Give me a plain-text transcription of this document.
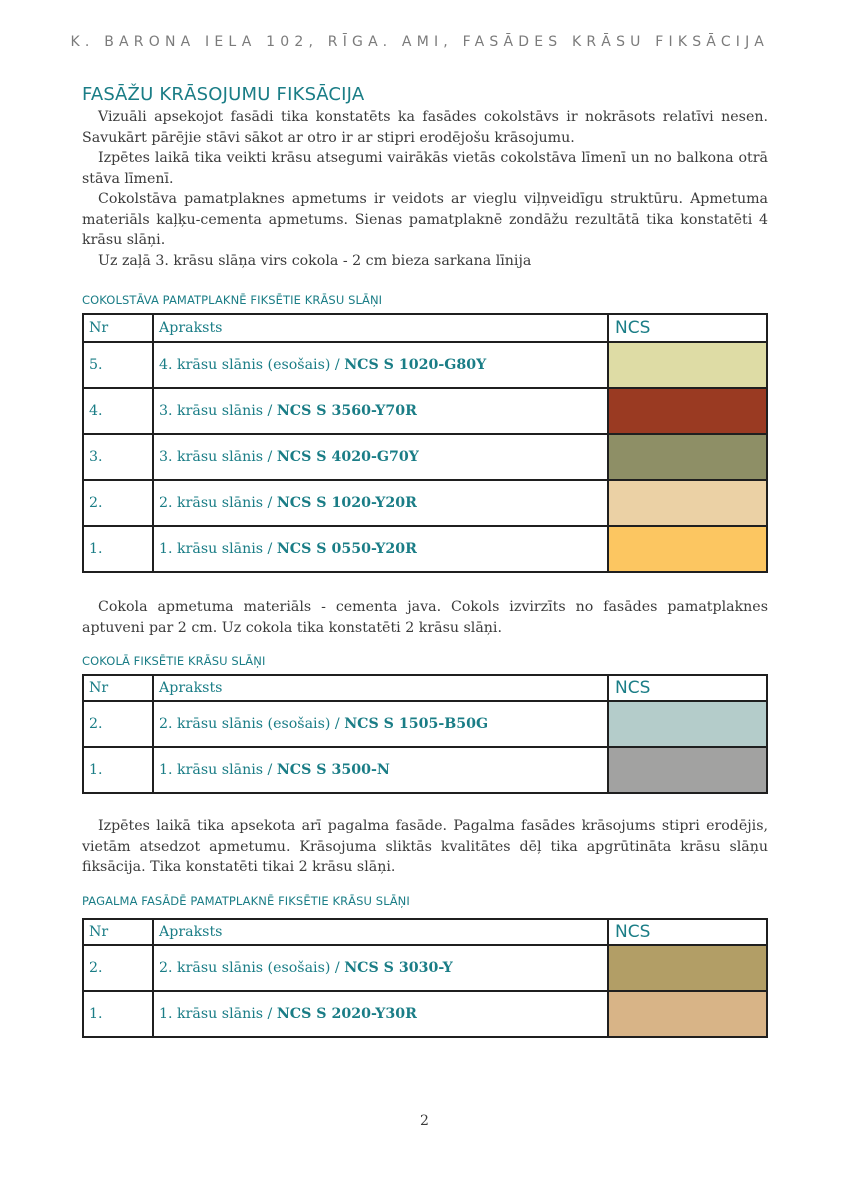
K. BARONA IELA 102, RĪGA. AMI, FASĀDES KRĀSU FIKSĀCIJA
FASĀŽU KRĀSOJUMU FIKSĀCIJA

Vizuāli apsekojot fasādi tika konstatēts ka fasādes cokolstāvs ir nokrāsots relatīvi nesen. Savukārt pārējie stāvi sākot ar otro ir ar stipri erodējošu krāsojumu.

Izpētes laikā tika veikti krāsu atsegumi vairākās vietās cokolstāva līmenī un no balkona otrā stāva līmenī.

Cokolstāva pamatplaknes apmetums ir veidots ar vieglu viļņveidīgu struktūru. Apmetuma materiāls kaļķu-cementa apmetums. Sienas pamatplaknē zondāžu rezultātā tika konstatēti 4 krāsu slāņi.

Uz zaļā 3. krāsu slāņa virs cokola - 2 cm bieza sarkana līnija

COKOLSTĀVA PAMATPLAKNĒ FIKSĒTIE KRĀSU SLĀŅI

Nr	Apraksts	NCS
5.	4. krāsu slānis (esošais) / NCS S 1020-G80Y	
4.	3. krāsu slānis / NCS S 3560-Y70R	
3.	3. krāsu slānis / NCS S 4020-G70Y	
2.	2. krāsu slānis / NCS S 1020-Y20R	
1.	1. krāsu slānis / NCS S 0550-Y20R	

Cokola apmetuma materiāls - cementa java. Cokols izvirzīts no fasādes pamatplaknes aptuveni par 2 cm. Uz cokola tika konstatēti 2 krāsu slāņi.

COKOLĀ FIKSĒTIE KRĀSU SLĀŅI

Nr	Apraksts	NCS
2.	2. krāsu slānis (esošais) / NCS S 1505-B50G	
1.	1. krāsu slānis / NCS S 3500-N	

Izpētes laikā tika apsekota arī pagalma fasāde. Pagalma fasādes krāsojums stipri erodējis, vietām atsedzot apmetumu. Krāsojuma sliktās kvalitātes dēļ tika apgrūtināta krāsu slāņu fiksācija. Tika konstatēti tikai 2 krāsu slāņi.

PAGALMA FASĀDĒ PAMATPLAKNĒ FIKSĒTIE KRĀSU SLĀŅI

Nr	Apraksts	NCS
2.	2. krāsu slānis (esošais) / NCS S 3030-Y	
1.	1. krāsu slānis / NCS S 2020-Y30R	
2
